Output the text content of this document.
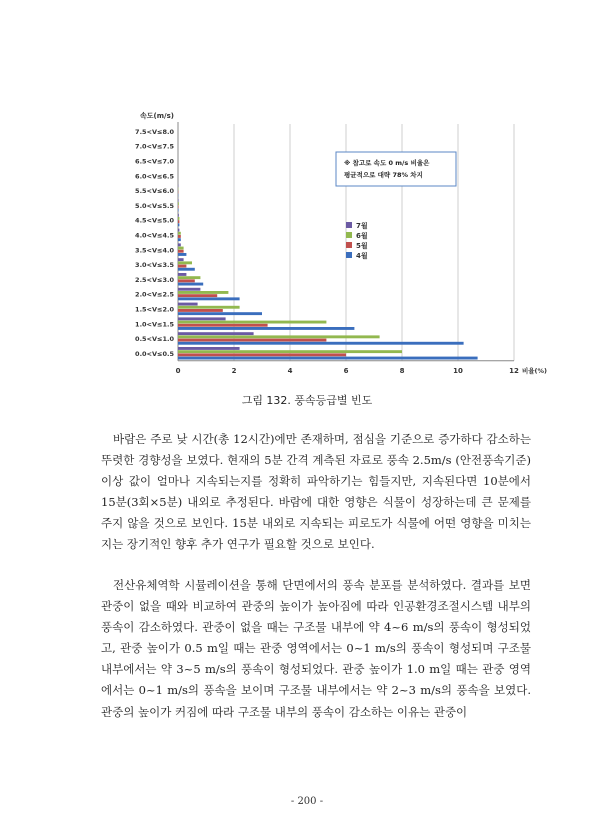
속도(m/s)
0.0<V≤0.5
0.5<V≤1.0
1.0<V≤1.5
1.5<V≤2.0
2.0<V≤2.5
2.5<V≤3.0
3.0<V≤3.5
3.5<V≤4.0
4.0<V≤4.5
4.5<V≤5.0
5.0<V≤5.5
5.5<V≤6.0
6.0<V≤6.5
6.5<V≤7.0
7.0<V≤7.5
7.5<V≤8.0
0	2	4	6	8	10	12 비율(%)
7월
6월
5월
4월
※ 참고로 속도 0 m/s 비율은
평균적으로 대략 78% 차지
그림 132. 풍속등급별 빈도

바람은 주로 낮 시간(총 12시간)에만 존재하며, 점심을 기준으로 증가하다 감소하는 뚜렷한 경향성을 보였다. 현재의 5분 간격 계측된 자료로 풍속 2.5m/s (안전풍속기준) 이상 값이 얼마나 지속되는지를 정확히 파악하기는 힘들지만, 지속된다면 10분에서 15분(3회×5분) 내외로 추정된다. 바람에 대한 영향은 식물이 성장하는데 큰 문제를 주지 않을 것으로 보인다. 15분 내외로 지속되는 피로도가 식물에 어떤 영향을 미치는지는 장기적인 향후 추가 연구가 필요할 것으로 보인다.

전산유체역학 시뮬레이션을 통해 단면에서의 풍속 분포를 분석하였다. 결과를 보면 관중이 없을 때와 비교하여 관중의 높이가 높아짐에 따라 인공환경조절시스템 내부의 풍속이 감소하였다. 관중이 없을 때는 구조물 내부에 약 4~6 m/s의 풍속이 형성되었고, 관중 높이가 0.5 m일 때는 관중 영역에서는 0~1 m/s의 풍속이 형성되며 구조물 내부에서는 약 3~5 m/s의 풍속이 형성되었다. 관중 높이가 1.0 m일 때는 관중 영역에서는 0~1 m/s의 풍속을 보이며 구조물 내부에서는 약 2~3 m/s의 풍속을 보였다. 관중의 높이가 커짐에 따라 구조물 내부의 풍속이 감소하는 이유는 관중이

- 200 -
